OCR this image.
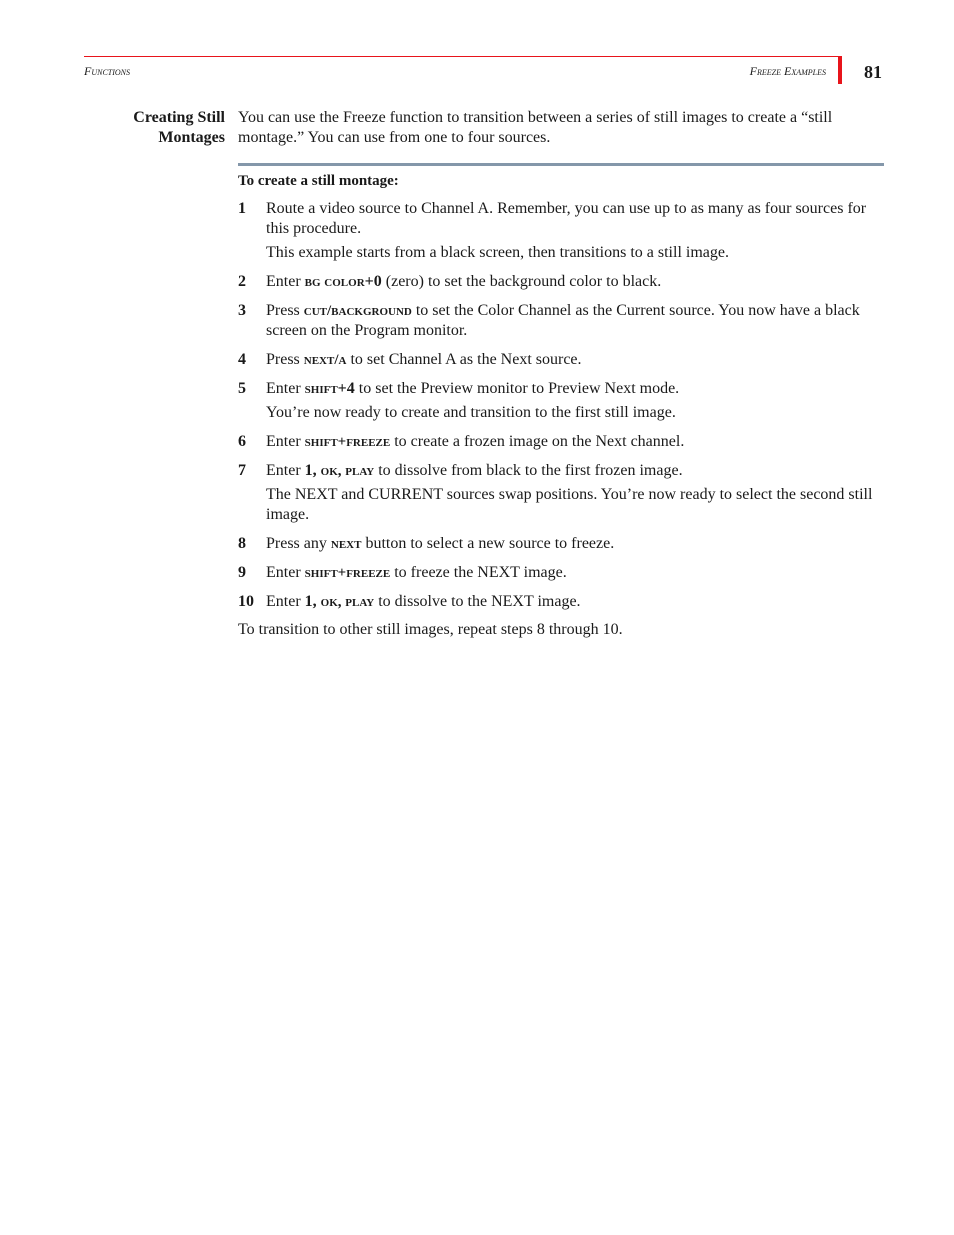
Functions	Freeze Examples 81
Creating Still Montages
You can use the Freeze function to transition between a series of still images to create a “still montage.” You can use from one to four sources.
To create a still montage:
1 Route a video source to Channel A. Remember, you can use up to as many as four sources for this procedure.
This example starts from a black screen, then transitions to a still image.
2 Enter bg color+0 (zero) to set the background color to black.
3 Press cut/background to set the Color Channel as the Current source. You now have a black screen on the Program monitor.
4 Press next/a to set Channel A as the Next source.
5 Enter shift+4 to set the Preview monitor to Preview Next mode.
You’re now ready to create and transition to the first still image.
6 Enter shift+freeze to create a frozen image on the Next channel.
7 Enter 1, ok, play to dissolve from black to the first frozen image.
The NEXT and CURRENT sources swap positions. You’re now ready to select the second still image.
8 Press any next button to select a new source to freeze.
9 Enter shift+freeze to freeze the NEXT image.
10 Enter 1, ok, play to dissolve to the NEXT image.
To transition to other still images, repeat steps 8 through 10.
